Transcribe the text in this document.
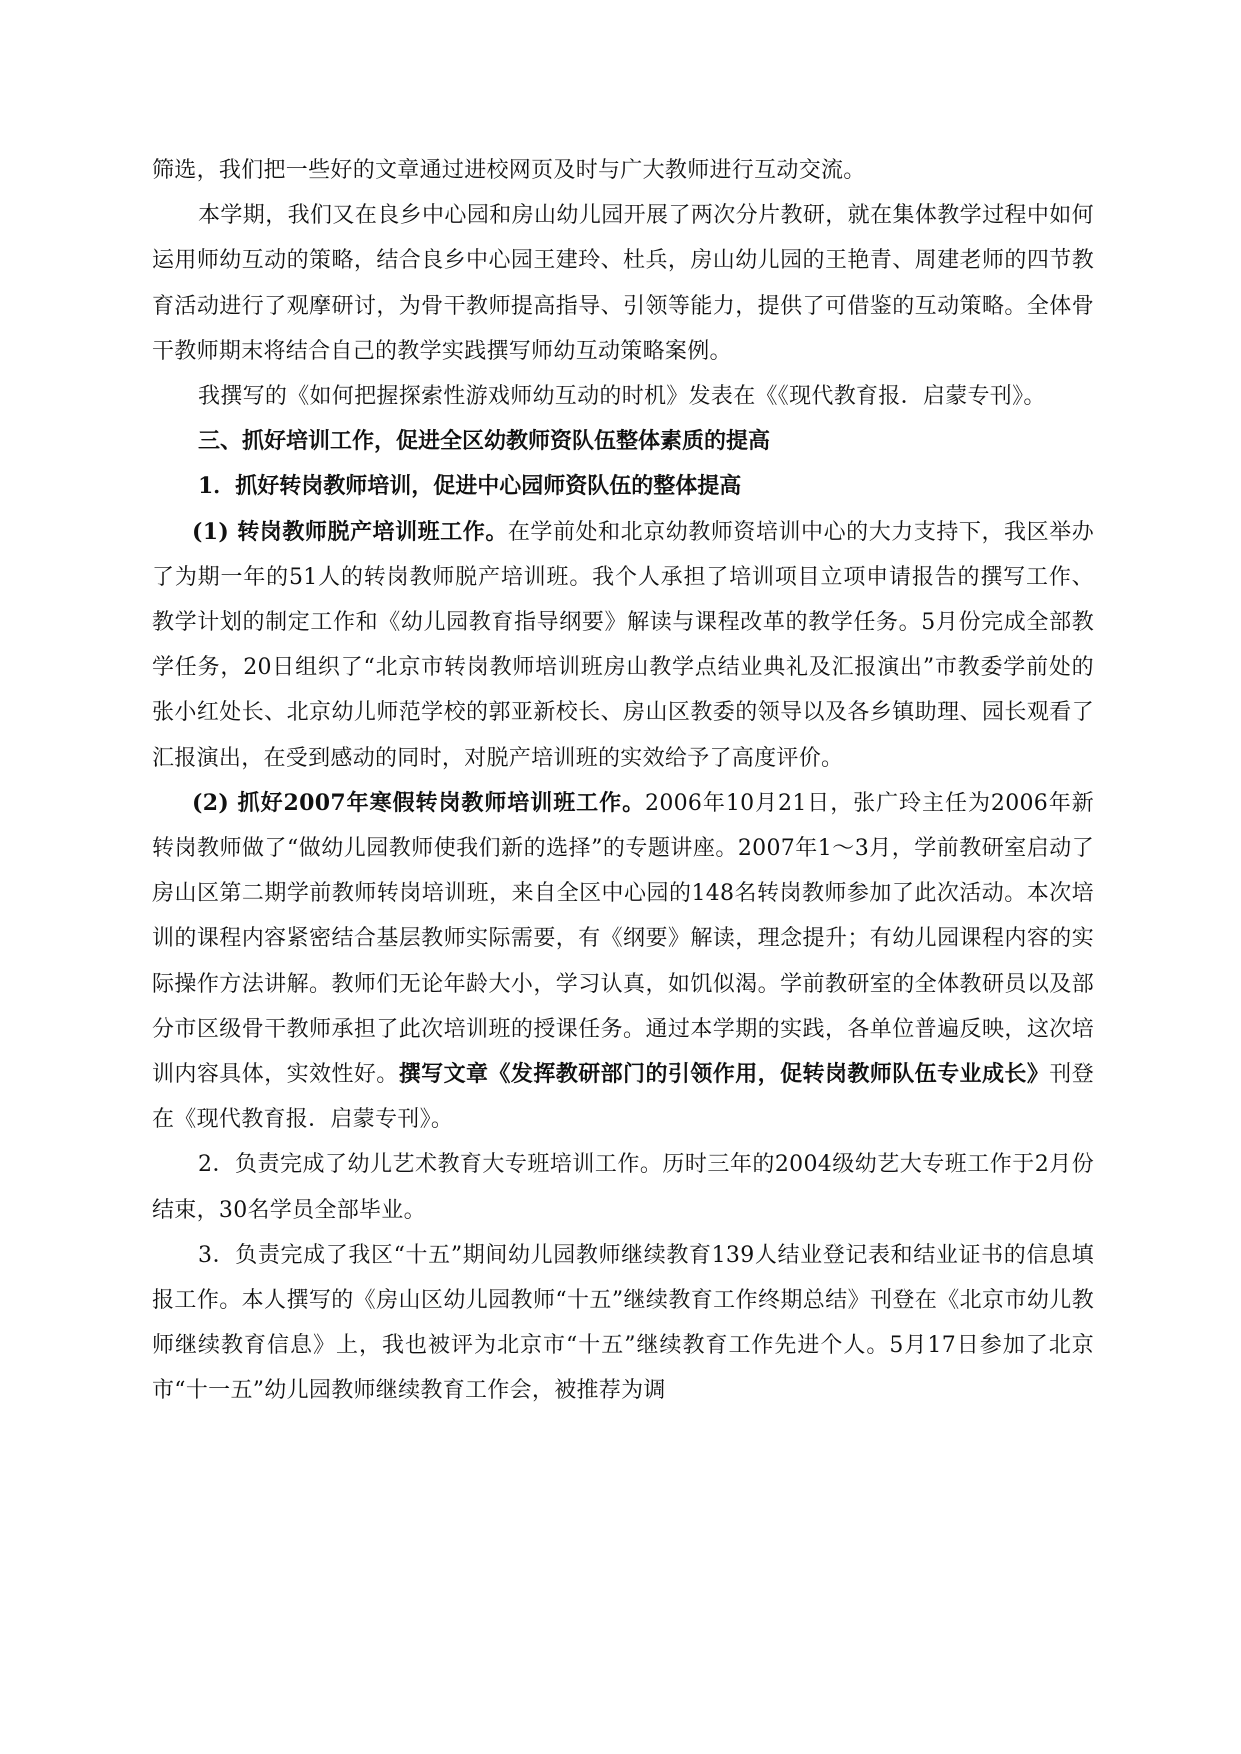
筛选，我们把一些好的文章通过进校网页及时与广大教师进行互动交流。

本学期，我们又在良乡中心园和房山幼儿园开展了两次分片教研，就在集体教学过程中如何运用师幼互动的策略，结合良乡中心园王建玲、杜兵，房山幼儿园的王艳青、周建老师的四节教育活动进行了观摩研讨，为骨干教师提高指导、引领等能力，提供了可借鉴的互动策略。全体骨干教师期末将结合自己的教学实践撰写师幼互动策略案例。

我撰写的《如何把握探索性游戏师幼互动的时机》发表在《《现代教育报．启蒙专刊》。

三、抓好培训工作，促进全区幼教师资队伍整体素质的提高

1．抓好转岗教师培训，促进中心园师资队伍的整体提高

(1) 转岗教师脱产培训班工作。在学前处和北京幼教师资培训中心的大力支持下，我区举办了为期一年的51人的转岗教师脱产培训班。我个人承担了培训项目立项申请报告的撰写工作、教学计划的制定工作和《幼儿园教育指导纲要》解读与课程改革的教学任务。5月份完成全部教学任务，20日组织了“北京市转岗教师培训班房山教学点结业典礼及汇报演出”市教委学前处的张小红处长、北京幼儿师范学校的郭亚新校长、房山区教委的领导以及各乡镇助理、园长观看了汇报演出，在受到感动的同时，对脱产培训班的实效给予了高度评价。

(2) 抓好2007年寒假转岗教师培训班工作。2006年10月21日，张广玲主任为2006年新转岗教师做了“做幼儿园教师使我们新的选择”的专题讲座。2007年1～3月，学前教研室启动了房山区第二期学前教师转岗培训班，来自全区中心园的148名转岗教师参加了此次活动。本次培训的课程内容紧密结合基层教师实际需要，有《纲要》解读，理念提升；有幼儿园课程内容的实际操作方法讲解。教师们无论年龄大小，学习认真，如饥似渴。学前教研室的全体教研员以及部分市区级骨干教师承担了此次培训班的授课任务。通过本学期的实践，各单位普遍反映，这次培训内容具体，实效性好。撰写文章《发挥教研部门的引领作用，促转岗教师队伍专业成长》刊登在《现代教育报．启蒙专刊》。

2．负责完成了幼儿艺术教育大专班培训工作。历时三年的2004级幼艺大专班工作于2月份结束，30名学员全部毕业。

3．负责完成了我区“十五”期间幼儿园教师继续教育139人结业登记表和结业证书的信息填报工作。本人撰写的《房山区幼儿园教师“十五”继续教育工作终期总结》刊登在《北京市幼儿教师继续教育信息》上，我也被评为北京市“十五”继续教育工作先进个人。5月17日参加了北京市“十一五”幼儿园教师继续教育工作会，被推荐为调
